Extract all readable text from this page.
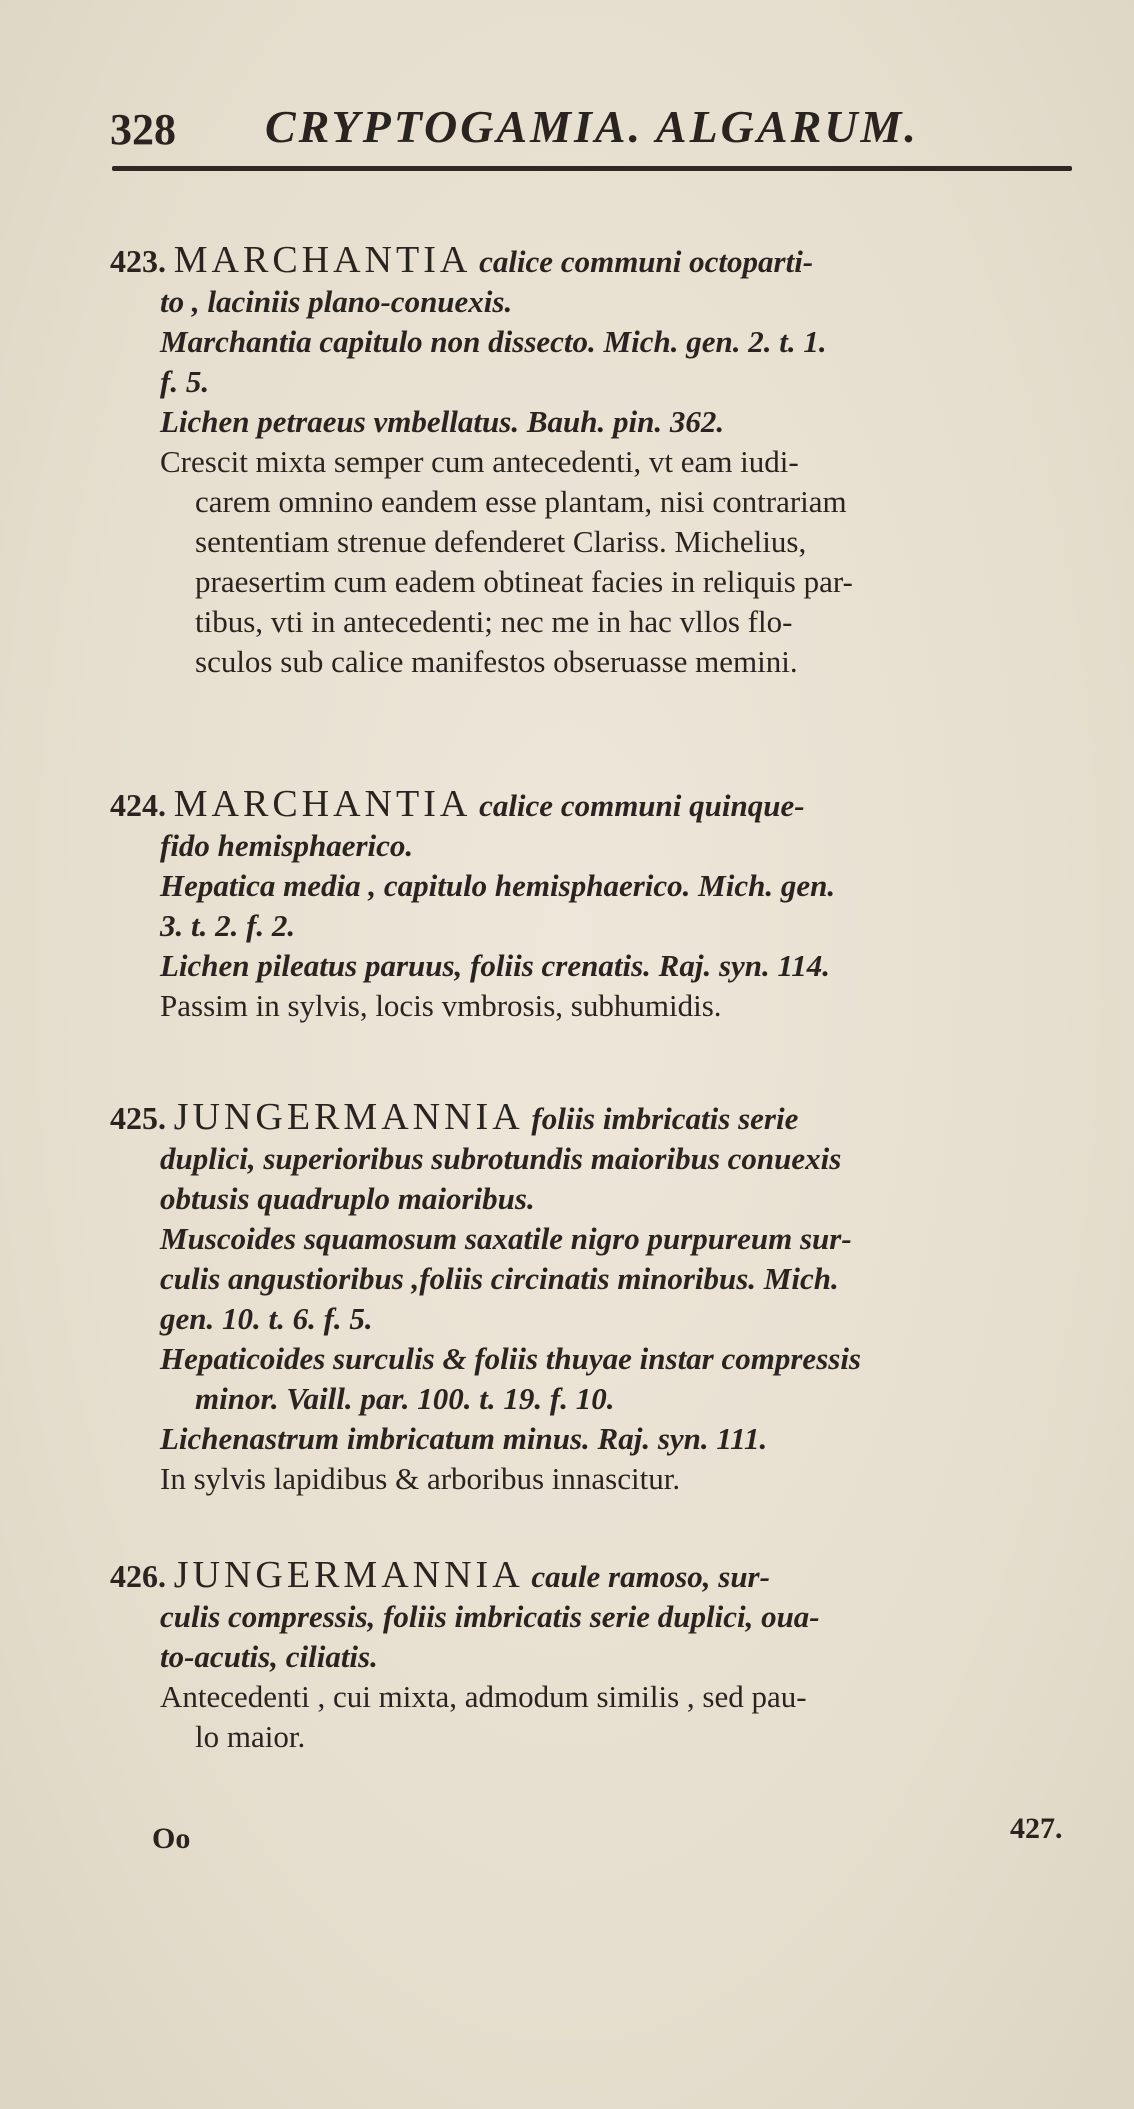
328 CRYPTOGAMIA. ALGARUM.

423. MARCHANTIA calice communi octoparti-

to , laciniis plano-conuexis.

Marchantia capitulo non dissecto. Mich. gen. 2. t. 1.

f. 5.

Lichen petraeus vmbellatus. Bauh. pin. 362.

Crescit mixta semper cum antecedenti, vt eam iudi-

carem omnino eandem esse plantam, nisi contrariam

sententiam strenue defenderet Clariss. Michelius,

praesertim cum eadem obtineat facies in reliquis par-

tibus, vti in antecedenti; nec me in hac vllos flo-

sculos sub calice manifestos obseruasse memini.

424. MARCHANTIA calice communi quinque-

fido hemisphaerico.

Hepatica media , capitulo hemisphaerico. Mich. gen.

3. t. 2. f. 2.

Lichen pileatus paruus, foliis crenatis. Raj. syn. 114.

Passim in sylvis, locis vmbrosis, subhumidis.

425. JUNGERMANNIA foliis imbricatis serie

duplici, superioribus subrotundis maioribus conuexis

obtusis quadruplo maioribus.

Muscoides squamosum saxatile nigro purpureum sur-

culis angustioribus ,foliis circinatis minoribus. Mich.

gen. 10. t. 6. f. 5.

Hepaticoides surculis & foliis thuyae instar compressis

minor. Vaill. par. 100. t. 19. f. 10.

Lichenastrum imbricatum minus. Raj. syn. 111.

In sylvis lapidibus & arboribus innascitur.

426. JUNGERMANNIA caule ramoso, sur-

culis compressis, foliis imbricatis serie duplici, oua-

to-acutis, ciliatis.

Antecedenti , cui mixta, admodum similis , sed pau-

lo maior.

Oo	427.
